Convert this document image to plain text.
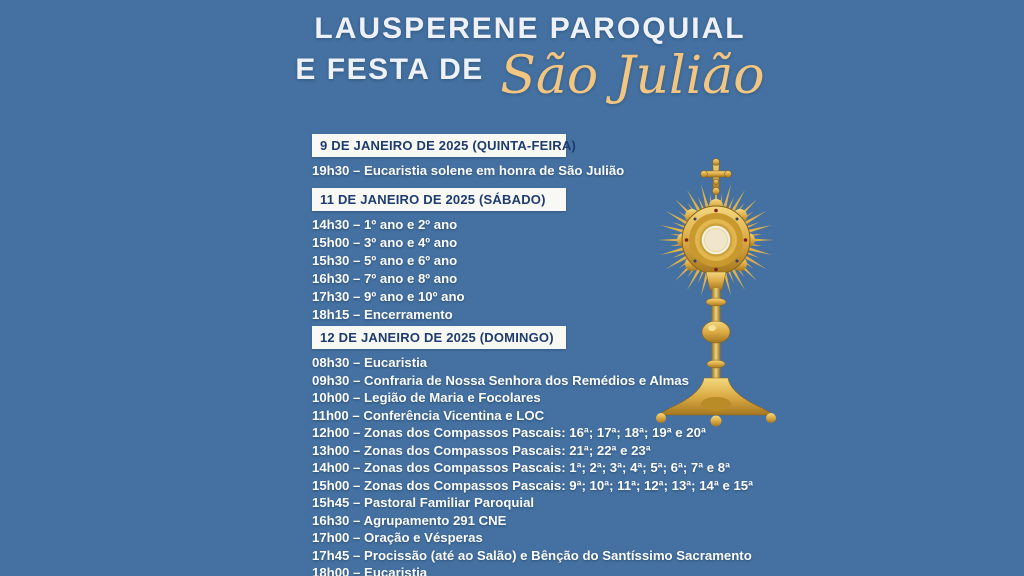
LAUSPERENE PAROQUIAL
E FESTA DE São Julião
9 DE JANEIRO DE 2025 (QUINTA-FEIRA)
19h30 – Eucaristia solene em honra de São Julião
11 DE JANEIRO DE 2025 (SÁBADO)
14h30 – 1º ano e 2º ano
15h00 – 3º ano e 4º ano
15h30 – 5º ano e 6º ano
16h30 – 7º ano e 8º ano
17h30 – 9º ano e 10º ano
18h15 – Encerramento
12 DE JANEIRO DE 2025 (DOMINGO)
08h30 – Eucaristia
09h30 – Confraria de Nossa Senhora dos Remédios e Almas
10h00 – Legião de Maria e Focolares
11h00 – Conferência Vicentina e LOC
12h00 – Zonas dos Compassos Pascais: 16ª; 17ª; 18ª; 19ª e 20ª
13h00 – Zonas dos Compassos Pascais: 21ª; 22ª e 23ª
14h00 – Zonas dos Compassos Pascais: 1ª; 2ª; 3ª; 4ª; 5ª; 6ª; 7ª e 8ª
15h00 – Zonas dos Compassos Pascais: 9ª; 10ª; 11ª; 12ª; 13ª; 14ª e 15ª
15h45 – Pastoral Familiar Paroquial
16h30 – Agrupamento 291 CNE
17h00 – Oração e Vésperas
17h45 – Procissão (até ao Salão) e Bênção do Santíssimo Sacramento
18h00 – Eucaristia
